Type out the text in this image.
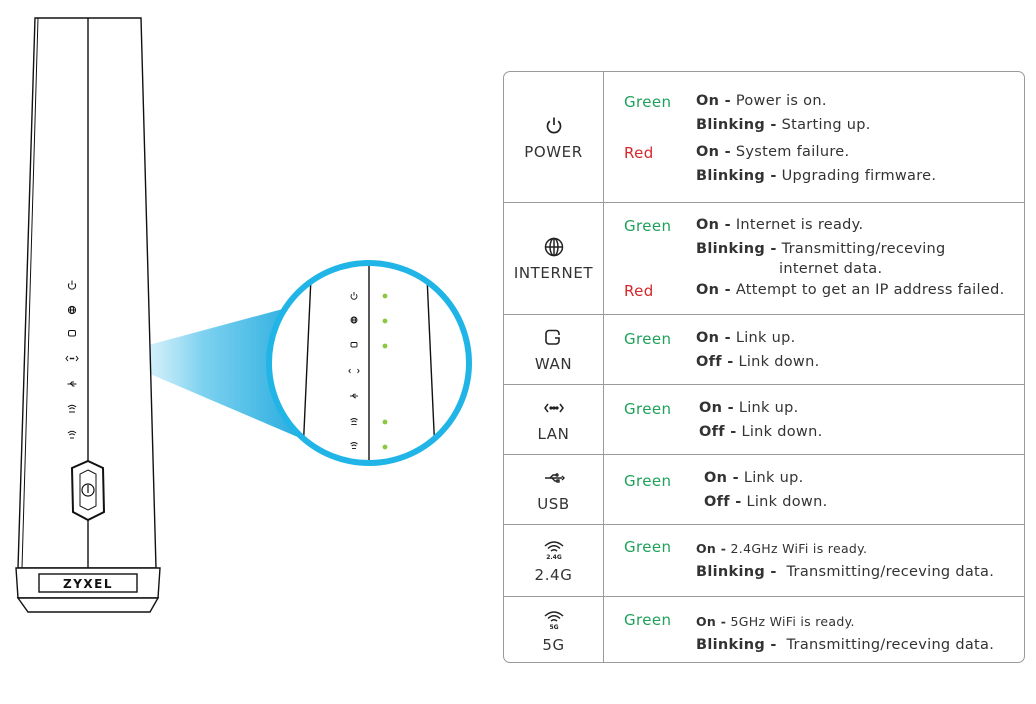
ZYXEL
POWER
Green On - Power is on.
Blinking - Starting up.
Red	On - System failure.
Blinking - Upgrading firmware.
INTERNET
Green On - Internet is ready.
Blinking - Transmitting/receving
internet data.
Red	On - Attempt to get an IP address failed.
WAN
Green On - Link up.
Off - Link down.
LAN
Green On - Link up.
Off - Link down.
USB
Green On - Link up.
Off - Link down.
2.4G
2.4G
Green On - 2.4GHz WiFi is ready.
Blinking - Transmitting/receving data.
5G
5G
Green On - 5GHz WiFi is ready.
Blinking - Transmitting/receving data.
